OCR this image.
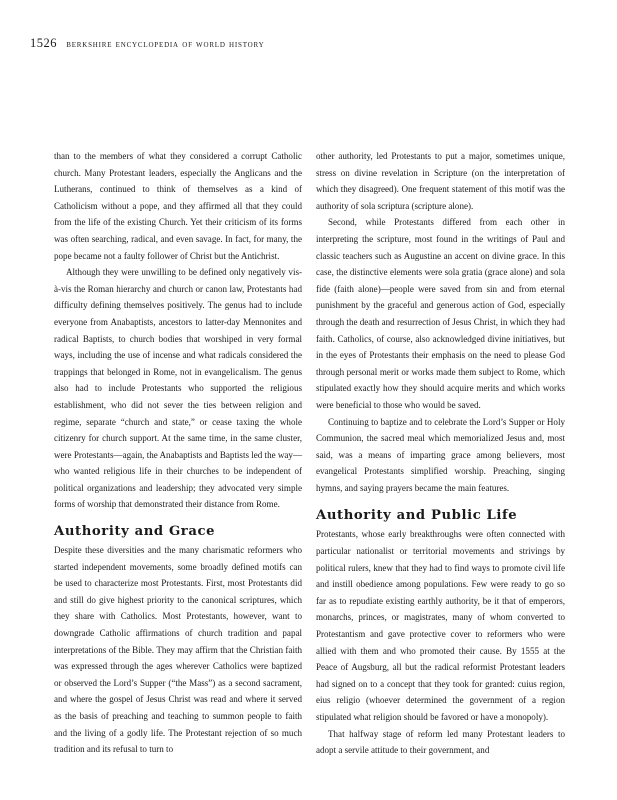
1526 berkshire encyclopedia of world history

than to the members of what they considered a corrupt Catholic church. Many Protestant leaders, especially the Anglicans and the Lutherans, continued to think of themselves as a kind of Catholicism without a pope, and they affirmed all that they could from the life of the existing Church. Yet their criticism of its forms was often searching, radical, and even savage. In fact, for many, the pope became not a faulty follower of Christ but the Antichrist.

Although they were unwilling to be defined only negatively vis-à-vis the Roman hierarchy and church or canon law, Protestants had difficulty defining themselves positively. The genus had to include everyone from Anabaptists, ancestors to latter-day Mennonites and radical Baptists, to church bodies that worshiped in very formal ways, including the use of incense and what radicals considered the trappings that belonged in Rome, not in evangelicalism. The genus also had to include Protestants who supported the religious establishment, who did not sever the ties between religion and regime, separate “church and state,” or cease taxing the whole citizenry for church support. At the same time, in the same cluster, were Protestants—again, the Anabaptists and Baptists led the way—who wanted religious life in their churches to be independent of political organizations and leadership; they advocated very simple forms of worship that demonstrated their distance from Rome.

Authority and Grace

Despite these diversities and the many charismatic reformers who started independent movements, some broadly defined motifs can be used to characterize most Protestants. First, most Protestants did and still do give highest priority to the canonical scriptures, which they share with Catholics. Most Protestants, however, want to downgrade Catholic affirmations of church tradition and papal interpretations of the Bible. They may affirm that the Christian faith was expressed through the ages wherever Catholics were baptized or observed the Lord’s Supper (“the Mass”) as a second sacrament, and where the gospel of Jesus Christ was read and where it served as the basis of preaching and teaching to summon people to faith and the living of a godly life. The Protestant rejection of so much tradition and its refusal to turn to

other authority, led Protestants to put a major, sometimes unique, stress on divine revelation in Scripture (on the interpretation of which they disagreed). One frequent statement of this motif was the authority of sola scriptura (scripture alone).

Second, while Protestants differed from each other in interpreting the scripture, most found in the writings of Paul and classic teachers such as Augustine an accent on divine grace. In this case, the distinctive elements were sola gratia (grace alone) and sola fide (faith alone)—people were saved from sin and from eternal punishment by the graceful and generous action of God, especially through the death and resurrection of Jesus Christ, in which they had faith. Catholics, of course, also acknowledged divine initiatives, but in the eyes of Protestants their emphasis on the need to please God through personal merit or works made them subject to Rome, which stipulated exactly how they should acquire merits and which works were beneficial to those who would be saved.

Continuing to baptize and to celebrate the Lord’s Supper or Holy Communion, the sacred meal which memorialized Jesus and, most said, was a means of imparting grace among believers, most evangelical Protestants simplified worship. Preaching, singing hymns, and saying prayers became the main features.

Authority and Public Life

Protestants, whose early breakthroughs were often connected with particular nationalist or territorial movements and strivings by political rulers, knew that they had to find ways to promote civil life and instill obedience among populations. Few were ready to go so far as to repudiate existing earthly authority, be it that of emperors, monarchs, princes, or magistrates, many of whom converted to Protestantism and gave protective cover to reformers who were allied with them and who promoted their cause. By 1555 at the Peace of Augsburg, all but the radical reformist Protestant leaders had signed on to a concept that they took for granted: cuius region, eius religio (whoever determined the government of a region stipulated what religion should be favored or have a monopoly).

That halfway stage of reform led many Protestant leaders to adopt a servile attitude to their government, and
